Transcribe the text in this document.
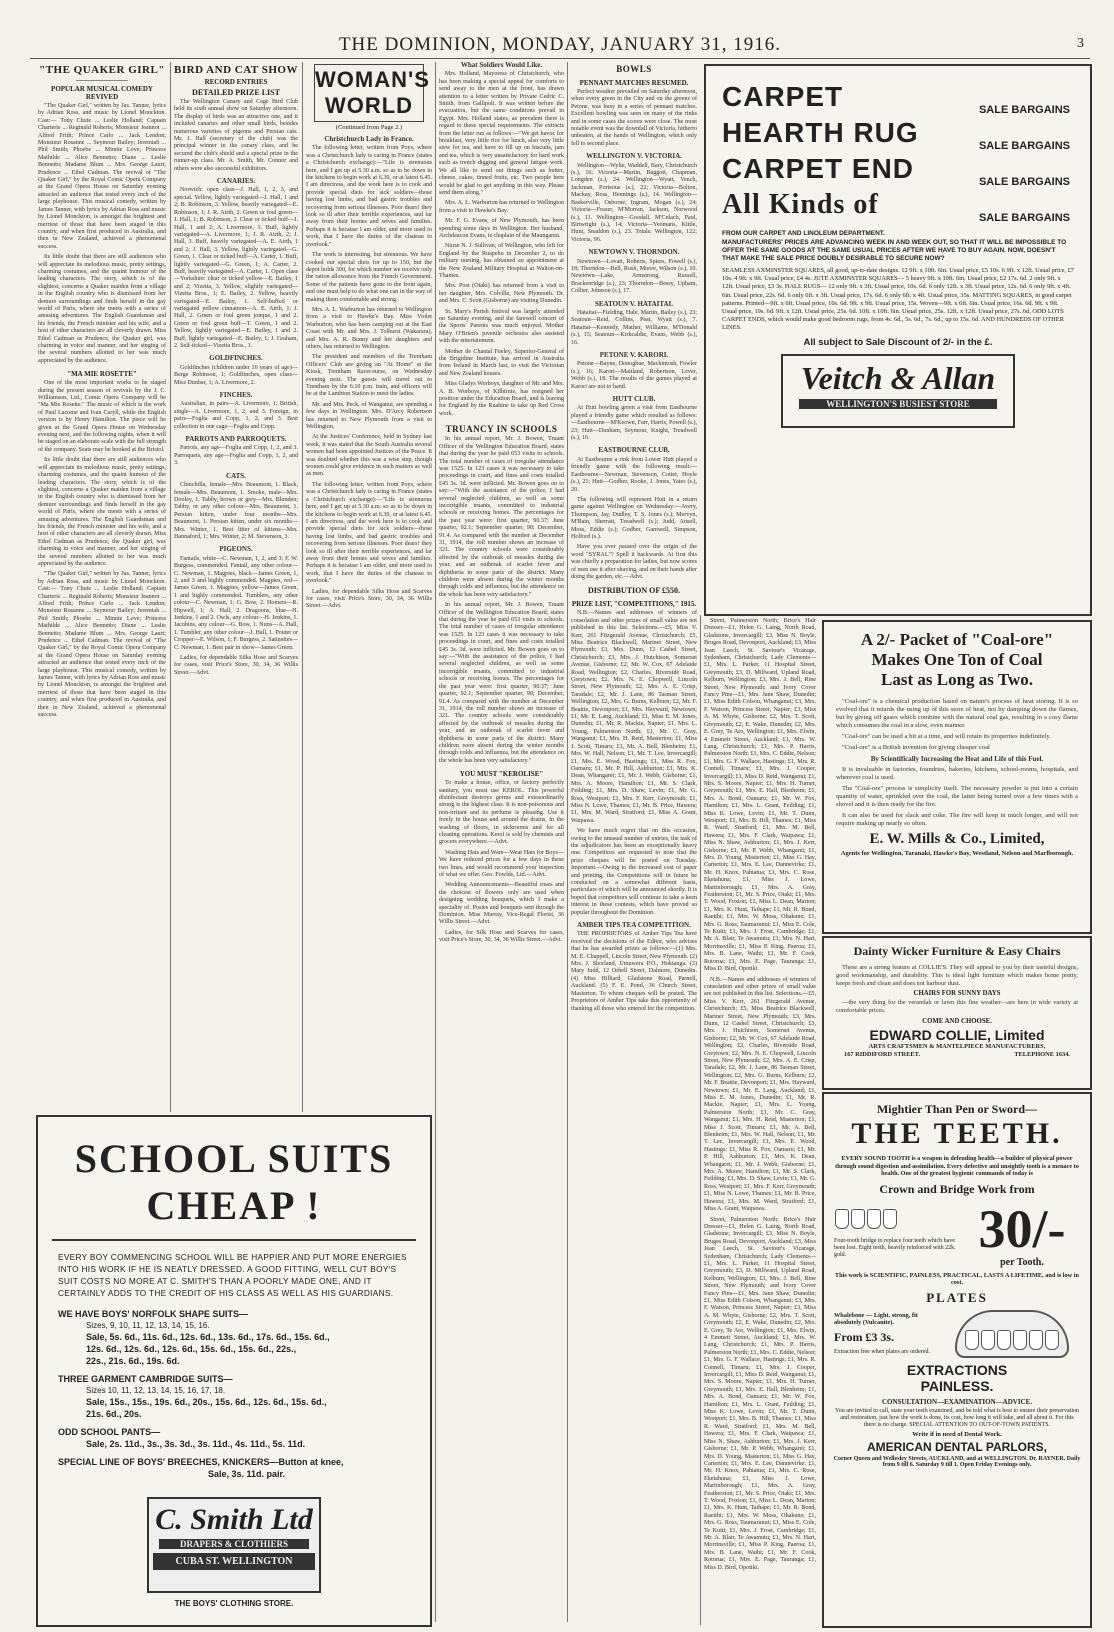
THE DOMINION, MONDAY, JANUARY 31, 1916.	3
"THE QUAKER GIRL"
POPULAR MUSICAL COMEDY REVIVED

"The Quaker Girl," written by Jas. Tanner, lyrics by Adrian Ross, and music by Lionel Monckton. Cast:— Tony Chute ... Leslie Holland; Captain Charteris ... Reginald Roberts; Monsieur Jeannot ... Alfred Frith; Prince Carlo ... Jack Lendon; Monsieur Rosanne ... Seymour Bailey; Jeremiah ... Phil Smith; Phoebe ... Minnie Love; Princess Mathilde ... Alice Bennetto; Diane ... Leslie Bennetto; Madame Blum ... Mrs. George Lauri; Prudence ... Ethel Cadman. The revival of "The Quaker Girl," by the Royal Comic Opera Company at the Grand Opera House on Saturday evening attracted an audience that tested every inch of the large playhouse. This musical comedy, written by James Tanner, with lyrics by Adrian Ross and music by Lionel Monckton, is amongst the brightest and merriest of those that have been staged in this country, and when first produced in Australia, and then in New Zealand, achieved a phenomenal success.

Its little doubt that there are still audiences who will appreciate its melodious music, pretty settings, charming costumes, and the quaint humour of the leading characters. The story, which is of the slightest, concerns a Quaker maiden from a village in the English country who is dismissed from her demure surroundings and finds herself in the gay world of Paris, where she meets with a series of amusing adventures. The English Guardsman and his friends, the French minister and his wife, and a host of other characters are all cleverly drawn. Miss Ethel Cadman as Prudence, the Quaker girl, was charming in voice and manner, and her singing of the several numbers allotted to her was much appreciated by the audience.

"MA MIE ROSETTE"

One of the most important works to be staged during the present season of revivals by the J. C. Williamson, Ltd., Comic Opera Company will be "Ma Mie Rosette." The music of which is the work of Paul Lacome and Ivan Caryll, while the English version is by Henry Hamilton. The piece will be given at the Grand Opera House on Wednesday evening next, and the following nights, when it will be staged on an elaborate scale with the full strength of the company. Seats may be booked at the Bristol.

Its little doubt that there are still audiences who will appreciate its melodious music, pretty settings, charming costumes, and the quaint humour of the leading characters. The story, which is of the slightest, concerns a Quaker maiden from a village in the English country who is dismissed from her demure surroundings and finds herself in the gay world of Paris, where she meets with a series of amusing adventures. The English Guardsman and his friends, the French minister and his wife, and a host of other characters are all cleverly drawn. Miss Ethel Cadman as Prudence, the Quaker girl, was charming in voice and manner, and her singing of the several numbers allotted to her was much appreciated by the audience.

"The Quaker Girl," written by Jas. Tanner, lyrics by Adrian Ross, and music by Lionel Monckton. Cast:— Tony Chute ... Leslie Holland; Captain Charteris ... Reginald Roberts; Monsieur Jeannot ... Alfred Frith; Prince Carlo ... Jack Lendon; Monsieur Rosanne ... Seymour Bailey; Jeremiah ... Phil Smith; Phoebe ... Minnie Love; Princess Mathilde ... Alice Bennetto; Diane ... Leslie Bennetto; Madame Blum ... Mrs. George Lauri; Prudence ... Ethel Cadman. The revival of "The Quaker Girl," by the Royal Comic Opera Company at the Grand Opera House on Saturday evening attracted an audience that tested every inch of the large playhouse. This musical comedy, written by James Tanner, with lyrics by Adrian Ross and music by Lionel Monckton, is amongst the brightest and merriest of those that have been staged in this country, and when first produced in Australia, and then in New Zealand, achieved a phenomenal success.

BIRD AND CAT SHOW
RECORD ENTRIES
DETAILED PRIZE LIST

The Wellington Canary and Cage Bird Club held its sixth annual show on Saturday afternoon. The display of birds was an attractive one, and it included canaries and other small birds, besides numerous varieties of pigeons and Persian cats. Mr. J. Hall (secretary of the club) was the principal winner in the canary class, and he secured the club's shield and a special prize in the runner-up class. Mr. A. Smith, Mr. Connor and others were also successful exhibitors.

CANARIES.

Norwich: open class—J. Hall, 1, 2, 3, and special. Yellow, lightly variegated—J. Hall, 1 and 2; B. Robinson, 3. Yellow, heavily variegated—E. Robinson, 1; J. R. Airth, 2. Green or foul green—J. Hall, 1; B. Robinson, 2. Clear or ticked buff—J. Hall, 1 and 2; A. Livermore, 3. Buff, lightly variegated—A. Livermore, 1; J. R. Airth, 2; J. Hall, 3. Buff, heavily variegated—A. E. Airth, 1 and 2; J. Hall, 3. Yellow, lightly variegated—G. Green, 1. Clear or ticked buff—A. Carter, 1. Buff, lightly variegated—G. Green, 1; A. Carter, 2. Buff, heavily variegated—A. Carter, 1. Open class—Yorkshire: clear or ticked yellow—E. Bailey, 1 and 2; Vizetta, 3. Yellow, slightly variegated—Vizetta Bros., 1; E. Bailey, 2. Yellow, heavily variegated—E. Bailey, 1. Self-buffed or variegated yellow cinnamon—A. E. Airth, 1; J. Hall, 2. Green or foul green jonque, 1 and 2. Green or foul green buff—T. Green, 1 and 2. Yellow, lightly variegated—E. Bailey, 1 and 2. Buff, lightly variegated—E. Bailey, 1; J. Graham, 2. Self-ticked—Vizetta Bros., 1.

GOLDFINCHES.

Goldfinches (children under 16 years of age)—Berge Robinson, 1; Goldfinches, open class—Miss Dunbar, 1; A. Livermore, 2.

FINCHES.

Australian, in pairs—A. Livermore, 1; British, single—A. Livermore, 1, 2, and 3. Foreign, in pairs—Foglia and Copp, 1, 2, and 3. Best collection in one cage—Foglia and Copp.

PARROTS AND PARROQUETS.

Parrots, any age—Foglia and Copp, 1, 2, and 3. Parroquets, any age—Foglia and Copp, 1, 2, and 3.

CATS.

Chinchilla, female—Mrs. Beaumont, 1. Black, female—Mrs. Beaumont, 1. Smoke, male—Mrs. Dooley, 1. Tabby, brown or grey—Mrs. Blunden; Tabby, or any other colour—Mrs. Beaumont, 1. Persian kitten, under four months—Mrs. Beaumont, 1. Persian kitten, under six months—Mrs. Winter, 1. Best litter of kittens—Mrs. Hannaford, 1; Mrs. Winter, 2; M. Stevenson, 3.

PIGEONS.

Fantails, white—C. Newman, 1, 2, and 3; F. W. Burgess, commended. Fantail, any other colour—C. Newman, 1. Magpies, black—James Green, 1, 2, and 3 and highly commended. Magpies, red—James Green, 1. Magpies, yellow—James Green, 1 and highly commended. Tumblers, any other colour—C. Newman, 1; G. Bow, 2. Homers—R. Hipwell, 1; A. Hall, 2. Dragoons, blue—H. Jenkins, 1 and 2. Owls, any colour—H. Jenkins, 1. Jacobins, any colour—G. Bow, 1. Nuns—A. Hall, 1. Tumbler, any other colour—J. Hall, 1. Pouter or Cropper—E. Wilson, 1; F. Burgess, 2. Satinettes—C. Newman, 1. Best pair in show—James Green.

Ladies, for dependable Silks Hose and Scarves for cases, visit Price's Store, 30, 34, 36 Willis Street.—Advt.

WOMAN'S WORLD
(Continued from Page 2.)
Christchurch Lady in France.

The following letter, written from Poys, where was a Christchurch lady is caring in France (states a Christchurch exchange):—"Life is strenuous here, and I get up at 5.30 a.m. so as to be down in the kitchens to begin work at 6.30, or at latest 6.45. I am directress, and the work here is to cook and provide special diets for sick soldiers—those having lost limbs, and bad gastric troubles and recovering from serious illnesses. Poor dears! they look so ill after their terrible experiences, and far away from their homes and wives and families. Perhaps it is because I am older, and more used to work, that I have the duties of the chateau to overlook."

The work is interesting, but strenuous. We have cooked our special diets for up to 150, but the depot holds 300, for which number we receive only the ration allowance from the French Government. Some of the patients have gone to the front again, and one must help to do what one can in the way of making them comfortable and strong.

Mrs. A. L. Warburton has returned to Wellington from a visit to Hawke's Bay. Miss Violet Warburton, who has been camping out at the East Coast with Mr. and Mrs. J. Tolhurst (Wakarara), and Mrs. A. R. Bunny and her daughters and others, has returned to Wellington.

The president and members of the Trentham Officers' Club are giving an "At Home" at the Kiosk, Trentham Racecourse, on Wednesday evening next. The guests will travel out to Trentham by the 6.10 p.m. train, and officers will be at the Lambton Station to meet the ladies.

Mr. and Mrs. Peck, of Wanganui, are spending a few days in Wellington. Mrs. D'Arcy Robertson has returned to New Plymouth from a visit to Wellington.

At the Justices' Conference, held in Sydney last week, it was stated that the South Australia several women had been appointed Justices of the Peace. It was doubted whether this was a wise step, though women could give evidence in such matters as well as men.

The following letter, written from Poys, where was a Christchurch lady is caring in France (states a Christchurch exchange):—"Life is strenuous here, and I get up at 5.30 a.m. so as to be down in the kitchens to begin work at 6.30, or at latest 6.45. I am directress, and the work here is to cook and provide special diets for sick soldiers—those having lost limbs, and bad gastric troubles and recovering from serious illnesses. Poor dears! they look so ill after their terrible experiences, and far away from their homes and wives and families. Perhaps it is because I am older, and more used to work, that I have the duties of the chateau to overlook."

Ladies, for dependable Silks Hose and Scarves for cases, visit Price's Store, 30, 34, 36 Willis Street.—Advt.

What Soldiers Would Like.

Mrs. Holland, Mayoress of Christchurch, who has been making a special appeal for comforts to send away to the men at the front, has drawn attention to a letter written by Private Cedric C. Smith, from Gallipoli. It was written before the evacuation, but the same conditions prevail in Egypt. Mrs. Holland states, as prevalent there is regard to these special requirements. The extracts from the letter run as follows:—"We get havoc for breakfast, very little rice for lunch, also very little stew for tea, and have to fill up on biscuits, jam and tea, which is very unsatisfactory for hard work such as trench digging and general fatigue work. We all like to send out things such as butter, cheese, cakes, tinned fruits, etc. Two people here would be glad to get anything in this way. Please send them along."

Mrs. A. L. Warburton has returned to Wellington from a visit to Hawke's Bay.

Mr. F. G. Evans, of New Plymouth, has been spending some days in Wellington. Her husband, Archdeacon Evans, is chaplain of the Maunganui.

Nurse N. J. Sullivan, of Wellington, who left for England by the Ruapehu in December 2, to do military nursing, has obtained an appointment at the New Zealand Military Hospital at Walton-on-Thames.

Mrs. Post (Otaki) has returned from a visit to her daughter, Mrs. Colville, New Plymouth. Dr. and Mrs. C. Scott (Gisborne) are visiting Dunedin.

St. Mary's Parish festival was largely attended on Saturday evening, and the farewell concert of the Sports' Parents was much enjoyed. Mother Mary O'Brien's juvenile orchestra also assisted with the entertainment.

Mother de Chantal Feeley, Superior-General of the Brigidine Institute, has arrived in Australia from Ireland in March last, to visit the Victorian and New Zealand houses.

Miss Gladys Worboys, daughter of Mr. and Mrs. A. B. Worboys, of Kilbirnie, has resigned her position under the Education Board, and is leaving for England by the Ruahine to take up Red Cross work.

TRUANCY IN SCHOOLS

In his annual report, Mr. J. Bowen, Truant Officer of the Wellington Education Board, states that during the year he paid 653 visits to schools. The total number of cases of irregular attendance was 1525. In 123 cases it was necessary to take proceedings in court, and fines and costs totalled £45 3s. 3d. were inflicted. Mr. Bowen goes on to say:—"With the assistance of the police, I had several neglected children, as well as some incorrigible truants, committed to industrial schools or receiving homes. The percentages for the past year were: first quarter, 90.37; June quarter, 92.1; September quarter, 90; December, 91.4. As compared with the number at December 31, 1914, the roll number shows an increase of 321. The country schools were considerably affected by the outbreak of measles during the year, and an outbreak of scarlet fever and diphtheria in some parts of the district. Many children were absent during the winter months through colds and influenza, but the attendance on the whole has been very satisfactory."

In his annual report, Mr. J. Bowen, Truant Officer of the Wellington Education Board, states that during the year he paid 653 visits to schools. The total number of cases of irregular attendance was 1525. In 123 cases it was necessary to take proceedings in court, and fines and costs totalled £45 3s. 3d. were inflicted. Mr. Bowen goes on to say:—"With the assistance of the police, I had several neglected children, as well as some incorrigible truants, committed to industrial schools or receiving homes. The percentages for the past year were: first quarter, 90.37; June quarter, 92.1; September quarter, 90; December, 91.4. As compared with the number at December 31, 1914, the roll number shows an increase of 321. The country schools were considerably affected by the outbreak of measles during the year, and an outbreak of scarlet fever and diphtheria in some parts of the district. Many children were absent during the winter months through colds and influenza, but the attendance on the whole has been very satisfactory."

YOU MUST "KEROLISE"

To make a house, office, or factory perfectly sanitary, you must use KEROL. This powerful disinfectant destroys germs and extraordinarily strong is the highest class. It is non-poisonous and non-irritant and its perfume is pleasing. Use it freely in the house and around the drains, in the washing of floors, in sickrooms and for all cleaning operations. Kerol is sold by chemists and grocers everywhere.—Advt.

Washing Hats and Ware—Wear Hats for Boys—We have reduced prices for a few days in these two lines, and would recommend your inspection of what we offer. Geo. Fowlds, Ltd.—Advt.

Wedding Announcements—Beautiful roses and the choicest of flowers only are used when designing wedding bouquets, which I make a speciality of. Posies and bouquets sent through the Dominion. Miss Murray, Vice-Regal Florist, 36 Willis Street.—Advt.

Ladies, for Silk Hose and Scarves for cases, visit Price's Store, 30, 34, 36 Willis Street.—Advt.

BOWLS
PENNANT MATCHES RESUMED.

Perfect weather prevailed on Saturday afternoon, when every green in the City and on the greens of Petone, was busy in a series of pennant matches. Excellent bowling was seen on many of the rinks and in some cases the scores were close. The most notable event was the downfall of Victoria, hitherto unbeaten, at the hands of Wellington, which only fell to second place.

WELLINGTON V. VICTORIA.

Wellington—Wylie, Waddell, Bary, Christchurch (s.), 16; Victoria—Martin, Baggott, Chapman, Longden (s.), 24. Wellington—Wyatt, Vench, Jackman, Porteous (s.), 22; Victoria—Bolton, Mackay, Ross, Hennings (s.), 14. Wellington—Baskerville, Osborne, Ingram, Mogan (s.), 24; Victoria—Frazer, M'Morran, Jackson, Norwood (s.), 11. Wellington—Goodall, M'Cnlach, Paul, Birtwright (s.), 14; Victoria—Yeomans, Kittle, Hunt, Snaddon (s.), 23. Totals: Wellington, 122; Victoria, 96.

NEWTOWN V. THORNDON.

Newtown—Lovatt, Roberts, Spiers, Powell (s.), 18; Thorndon—Bell, Rush, Moore, Wilson (s.), 10. Newtown—Lake, Armstrong, Russell, Brackenridge (s.), 23; Thorndon—Bessy, Upham, Collier, Johnson (s.), 17.

SEATOUN V. HATAITAI.

Hataitai—Fielding, Hale, Martin, Bailey (s.), 23; Seatoun—Reid, Collins, Peat, Wyatt (s.), 7. Hataitai—Kennedy, Mather, Williams, M'Donald (s.), 15; Seatoun—Kirkcaldie, Evans, Webb (s.), 16.

PETONE V. KARORI.

Petone—Bayne, Donoghue, Mackintosh, Fowler (s.), 16; Karori—Maitland, Robertson, Lever, Webb (s.), 18. The results of the games played at Karori are not to hand.

HUTT CLUB.

At Hutt bowling green a visit from Eastbourne played a friendly game which resulted as follows:—Eastbourne—M'Keown, Farr, Harris, Powell (s.), 23; Hutt—Dunham, Seymour, Knight, Treadwell (s.), 16.

EASTBOURNE CLUB.

At Eastbourne a rink from Lower Hutt played a friendly game with the following result:—Eastbourne—Newman, Stevenson, Cotter, Hoyle (s.), 21; Hutt—Godber, Rooke, J. Jones, Yates (s.), 20.

The following will represent Hutt in a return game against Wellington on Wednesday:—Avery, Thompson, Jay, Dudley, T. S. Jones (s.); Mervyn, M'Bain, Sherratt, Treadwell (s.); Judd, Ansell, Moss, Eddie (s.); Godber, Gamwell, Simpson, Holford (s.).

Have you ever paused over the origin of the word "SYRAL"? Spell it backwards. At first this was chiefly a preparation for ladies, but now scores of men use it after shaving, and on their hands after doing the garden, etc.—Advt.

DISTRIBUTION OF £550.
PRIZE LIST, "COMPETITIONS," 1915.

N.B.—Names and addresses of winners of consolation and other prizes of small value are not published in this list. Selections.—£5, Miss V. Kerr, 261 Fitzgerald Avenue, Christchurch; £5, Miss Beatrice Blackwell, Mariner Street, New Plymouth; £3, Mrs. Dunn, 12 Cashel Street, Christchurch; £3, Mrs. J. Hutchison, Somerset Avenue, Gisborne; £2, Mr. W. Cox, 67 Adelaide Road, Wellington; £2, Charles, Riverside Road, Greytown; £2, Mrs. N. E. Chopwell, Lincoln Street, New Plymouth; £2, Mrs. A. E. Crisp, Taradale; £2, Mr. J. Lane, 86 Tasman Street, Wellington; £2, Mrs. G. Burns, Kelburn; £2, Mr. F. Beattie, Devonport; £1, Mrs. Hayward, Newtown; £1, Mr. E. Lang, Auckland; £1, Miss E. M. Jones, Dunedin; £1, Mr. R. Mackie, Napier; £1, Mrs. L. Young, Palmerston North; £1, Mr. C. Gray, Wanganui; £1, Mrs. H. Reid, Masterton; £1, Miss J. Scott, Timaru; £1, Mr. A. Bell, Blenheim; £1, Mrs. W. Hall, Nelson; £1, Mr. T. Lee, Invercargill; £1, Mrs. E. Wood, Hastings; £1, Miss R. Fox, Oamaru; £1, Mr. P. Hill, Ashburton; £1, Mrs. K. Dean, Whangarei; £1, Mr. J. Webb, Gisborne; £1, Mrs. A. Moore, Hamilton; £1, Mr. S. Clark, Feilding; £1, Mrs. D. Shaw, Levin; £1, Mr. G. Ross, Westport; £1, Mrs. F. Kerr, Greymouth; £1, Miss N. Lowe, Thames; £1, Mr. B. Price, Hawera; £1, Mrs. M. Ward, Stratford; £1, Miss A. Grant, Waipawa.

We have much regret that on this occasion, owing to the unusual number of entries, the task of the adjudicators has been an exceptionally heavy one. Competitors are requested to note that the prize cheques will be posted on Tuesday. Important.—Owing to the increased cost of paper and printing, the Competitions will in future be conducted on a somewhat different basis, particulars of which will be announced shortly. It is hoped that competitors will continue to take a keen interest in these contests, which have proved so popular throughout the Dominion.

AMBER TIPS TEA COMPETITION.

THE PROPRIETORS of Amber Tips Tea have received the decisions of the Editor, who advises that he has awarded prizes as follows:—(1) Mrs. M. E. Chappell, Lincoln Street, New Plymouth. (2) Mrs. J. Shorland, Umuwera P.O., Hokianga. (3) Mary Judd, 12 Orbell Street, Dalmore, Dunedin. (4) Miss Hilliard, Gladstone Road, Parnell, Auckland. (5) F. E. Pond, 36 Church Street, Masterton. To whom cheques will be posted. The Proprietors of Amber Tips take this opportunity of thanking all those who entered for the competition.

Street, Palmerston North; Brice's Hair Dresser—£1, Helen G. Laing, North Road, Gladstone, Invercargill; £3, Miss N. Boyle, Bruges Road, Devonport, Auckland; £3, Miss Jean Leech, St. Saviour's Vicarage, Sydenham, Christchurch; Lady Clements—£1, Mrs. L. Parker, 11 Hospital Street, Greymouth; £3, D. Millward, Upland Road, Kelburn, Wellington; £3, Mrs. J. Bell, Rine Street, New Plymouth; and Ivory Cover Fancy Pins—£1, Mrs. Jane Shaw, Dunedin; £1, Miss Edith Colson, Whanganui; £3, Mrs. F. Watson, Princess Street, Napier; £3, Miss A. M. Whyte, Gisborne; £2, Mrs. T. Scott, Greymouth; £2, E. Wake, Dunedin; £2, Mrs. E. Grey, Te Aro, Wellington; £1, Mrs. Elwin, 4 Emmett Street, Auckland; £1, Mrs. W. Lang, Christchurch; £1, Mrs. P. Harris, Palmerston North; £1, Mrs. C. Eddie, Nelson; £1, Mrs. G. F. Wallace, Hastings; £1, Mrs. R. Connell, Timaru; £1, Mrs. J. Cooper, Invercargill; £1, Miss D. Reid, Wanganui; £1, Mrs. S. Moore, Napier; £1, Mrs. H. Turner, Greymouth; £1, Mrs. E. Hall, Blenheim; £1, Mrs. A. Bond, Oamaru; £1, Mr. W. Fox, Hamilton; £1, Mrs. L. Grant, Feilding; £1, Miss K. Lowe, Levin; £1, Mr. T. Dunn, Westport; £1, Mrs. B. Hill, Thames; £1, Miss R. Ward, Stratford; £1, Mrs. M. Bell, Hawera; £1, Mrs. F. Clark, Waipawa; £1, Miss N. Shaw, Ashburton; £1, Mrs. J. Kerr, Gisborne; £1, Mr. P. Webb, Whangarei; £1, Mrs. D. Young, Masterton; £1, Miss G. Hay, Carterton; £1, Mrs. E. Lee, Dannevirke; £1, Mr. H. Knox, Pahiatua; £1, Mrs. C. Rose, Eketahuna; £1, Miss J. Lowe, Martinborough; £1, Mrs. A. Gray, Featherston; £1, Mr. S. Price, Otaki; £1, Mrs. T. Wood, Foxton; £1, Miss L. Dean, Marton; £1, Mrs. K. Hunt, Taihape; £1, Mr. R. Bond, Raetihi; £1, Mrs. W. Moss, Ohakune; £1, Mrs. G. Ross, Taumarunui; £1, Miss E. Cole, Te Kuiti; £1, Mrs. J. Frost, Cambridge; £1, Mr. A. Blair, Te Awamutu; £1, Mrs. N. Hart, Morrinsville; £1, Miss P. King, Paeroa; £1, Mrs. B. Lane, Waihi; £1, Mr. F. Cook, Rotorua; £1, Mrs. E. Page, Tauranga; £1, Miss D. Bird, Opotiki.

N.B.—Names and addresses of winners of consolation and other prizes of small value are not published in this list. Selections.—£5, Miss V. Kerr, 261 Fitzgerald Avenue, Christchurch; £5, Miss Beatrice Blackwell, Mariner Street, New Plymouth; £3, Mrs. Dunn, 12 Cashel Street, Christchurch; £3, Mrs. J. Hutchison, Somerset Avenue, Gisborne; £2, Mr. W. Cox, 67 Adelaide Road, Wellington; £2, Charles, Riverside Road, Greytown; £2, Mrs. N. E. Chopwell, Lincoln Street, New Plymouth; £2, Mrs. A. E. Crisp, Taradale; £2, Mr. J. Lane, 86 Tasman Street, Wellington; £2, Mrs. G. Burns, Kelburn; £2, Mr. F. Beattie, Devonport; £1, Mrs. Hayward, Newtown; £1, Mr. E. Lang, Auckland; £1, Miss E. M. Jones, Dunedin; £1, Mr. R. Mackie, Napier; £1, Mrs. L. Young, Palmerston North; £1, Mr. C. Gray, Wanganui; £1, Mrs. H. Reid, Masterton; £1, Miss J. Scott, Timaru; £1, Mr. A. Bell, Blenheim; £1, Mrs. W. Hall, Nelson; £1, Mr. T. Lee, Invercargill; £1, Mrs. E. Wood, Hastings; £1, Miss R. Fox, Oamaru; £1, Mr. P. Hill, Ashburton; £1, Mrs. K. Dean, Whangarei; £1, Mr. J. Webb, Gisborne; £1, Mrs. A. Moore, Hamilton; £1, Mr. S. Clark, Feilding; £1, Mrs. D. Shaw, Levin; £1, Mr. G. Ross, Westport; £1, Mrs. F. Kerr, Greymouth; £1, Miss N. Lowe, Thames; £1, Mr. B. Price, Hawera; £1, Mrs. M. Ward, Stratford; £1, Miss A. Grant, Waipawa.

Street, Palmerston North; Brice's Hair Dresser—£1, Helen G. Laing, North Road, Gladstone, Invercargill; £3, Miss N. Boyle, Bruges Road, Devonport, Auckland; £3, Miss Jean Leech, St. Saviour's Vicarage, Sydenham, Christchurch; Lady Clements—£1, Mrs. L. Parker, 11 Hospital Street, Greymouth; £3, D. Millward, Upland Road, Kelburn, Wellington; £3, Mrs. J. Bell, Rine Street, New Plymouth; and Ivory Cover Fancy Pins—£1, Mrs. Jane Shaw, Dunedin; £1, Miss Edith Colson, Whanganui; £3, Mrs. F. Watson, Princess Street, Napier; £3, Miss A. M. Whyte, Gisborne; £2, Mrs. T. Scott, Greymouth; £2, E. Wake, Dunedin; £2, Mrs. E. Grey, Te Aro, Wellington; £1, Mrs. Elwin, 4 Emmett Street, Auckland; £1, Mrs. W. Lang, Christchurch; £1, Mrs. P. Harris, Palmerston North; £1, Mrs. C. Eddie, Nelson; £1, Mrs. G. F. Wallace, Hastings; £1, Mrs. R. Connell, Timaru; £1, Mrs. J. Cooper, Invercargill; £1, Miss D. Reid, Wanganui; £1, Mrs. S. Moore, Napier; £1, Mrs. H. Turner, Greymouth; £1, Mrs. E. Hall, Blenheim; £1, Mrs. A. Bond, Oamaru; £1, Mr. W. Fox, Hamilton; £1, Mrs. L. Grant, Feilding; £1, Miss K. Lowe, Levin; £1, Mr. T. Dunn, Westport; £1, Mrs. B. Hill, Thames; £1, Miss R. Ward, Stratford; £1, Mrs. M. Bell, Hawera; £1, Mrs. F. Clark, Waipawa; £1, Miss N. Shaw, Ashburton; £1, Mrs. J. Kerr, Gisborne; £1, Mr. P. Webb, Whangarei; £1, Mrs. D. Young, Masterton; £1, Miss G. Hay, Carterton; £1, Mrs. E. Lee, Dannevirke; £1, Mr. H. Knox, Pahiatua; £1, Mrs. C. Rose, Eketahuna; £1, Miss J. Lowe, Martinborough; £1, Mrs. A. Gray, Featherston; £1, Mr. S. Price, Otaki; £1, Mrs. T. Wood, Foxton; £1, Miss L. Dean, Marton; £1, Mrs. K. Hunt, Taihape; £1, Mr. R. Bond, Raetihi; £1, Mrs. W. Moss, Ohakune; £1, Mrs. G. Ross, Taumarunui; £1, Miss E. Cole, Te Kuiti; £1, Mrs. J. Frost, Cambridge; £1, Mr. A. Blair, Te Awamutu; £1, Mrs. N. Hart, Morrinsville; £1, Miss P. King, Paeroa; £1, Mrs. B. Lane, Waihi; £1, Mr. F. Cook, Rotorua; £1, Mrs. E. Page, Tauranga; £1, Miss D. Bird, Opotiki.

SCHOOL SUITS CHEAP !
EVERY BOY COMMENCING SCHOOL WILL BE HAPPIER AND PUT MORE ENERGIES INTO HIS WORK IF HE IS NEATLY DRESSED. A GOOD FITTING, WELL CUT BOY'S SUIT COSTS NO MORE AT C. SMITH'S THAN A POORLY MADE ONE, AND IT CERTAINLY ADDS TO THE CREDIT OF HIS CLASS AS WELL AS HIS GUARDIANS.
WE HAVE BOYS' NORFOLK SHAPE SUITS—
Sizes, 9, 10, 11, 12, 13, 14, 15, 16.
Sale, 5s. 6d., 11s. 6d., 12s. 6d., 13s. 6d., 17s. 6d., 15s. 6d.,
12s. 6d., 12s. 6d., 12s. 6d., 15s. 6d., 15s. 6d., 22s.,
22s., 21s. 6d., 19s. 6d.
THREE GARMENT CAMBRIDGE SUITS—
Sizes 10, 11, 12, 13, 14, 15, 16, 17, 18.
Sale, 15s., 15s., 19s. 6d., 20s., 15s. 6d., 12s. 6d., 15s. 6d.,
21s. 6d., 20s.
ODD SCHOOL PANTS—
Sale, 2s. 11d., 3s., 3s. 3d., 3s. 11d., 4s. 11d., 5s. 11d.
SPECIAL LINE OF BOYS' BREECHES, KNICKERS—Button at knee,
Sale, 3s. 11d. pair.
C. Smith Ltd
DRAPERS & CLOTHIERS
CUBA ST. WELLINGTON
THE BOYS' CLOTHING STORE.
CARPET	SALE BARGAINS
HEARTH RUG	SALE BARGAINS
CARPET END	SALE BARGAINS
All Kinds of	SALE BARGAINS
FROM OUR CARPET AND LINOLEUM DEPARTMENT.
MANUFACTURERS' PRICES ARE ADVANCING WEEK IN AND WEEK OUT, SO THAT IT WILL BE IMPOSSIBLE TO OFFER THE SAME GOODS AT THE SAME USUAL PRICES AFTER WE HAVE TO BUY AGAIN. NOW, DOESN'T THAT MAKE THE SALE PRICE DOUBLY DESIRABLE TO SECURE NOW?
SEAMLESS AXMINSTER SQUARES, all good, up-to-date designs. 12 9ft. x 10ft. 6in. Usual price, £5 10s. 6 9ft. x 12ft. Usual price, £7 10s. 4 9ft. x 9ft. Usual price, £4 4s. JUTE AXMINSTER SQUARES— 5 heavy 9ft. x 10ft. 6in. Usual price, £2 17s. 6d. 2 only 9ft. x 12ft. Usual price, £3 3s. HALL RUGS— 12 only 9ft. x 3ft. Usual price, 10s. 6d. 6 only 12ft. x 3ft. Usual price, 12s. 6d. 6 only 9ft. x 4ft. 6in. Usual price, 22s. 6d. 6 only 6ft. x 3ft. Usual price, 17s. 6d. 6 only 6ft. x 4ft. Usual price, 35s. MATTING SQUARES, in good carpet patterns. Printed—9ft. x 6ft. Usual price, 10s. 6d. 9ft. x 9ft. Usual price, 15s. Woven—9ft. x 6ft. 6in. Usual price, 16s. 6d. 9ft. x 9ft. Usual price, 19s. 6d. 9ft. x 12ft. Usual price, 25s. 6d. 10ft. x 10ft. 6in. Usual price, 25s. 12ft. x 12ft. Usual price, 27s. 6d. ODD LOTS CARPET ENDS, which would make good bedroom rugs, from 4s. 6d., 5s. 6d., 7s. 6d., up to 15s. 6d. AND HUNDREDS OF OTHER LINES.
All subject to Sale Discount of 2/- in the £.
Veitch & Allan
WELLINGTON'S BUSIEST STORE
A 2/- Packet of "Coal-ore"
Makes One Ton of Coal
Last as Long as Two.

"Coal-ore" is a chemical production based on nature's process of heat storing. It is so evolved that it retards the using up of this store of heat, not by damping down the flames, but by giving off gases which combine with the natural coal gas, resulting in a cosy flame which consumes the coal in a slow, even manner.

"Coal-ore" can be used a bit at a time, and will retain its properties indefinitely.

"Coal-ore" is a British invention for giving cheaper coal

By Scientifically Increasing the Heat and Life of this Fuel.

It is invaluable in factories, foundries, bakeries, kitchens, school-rooms, hospitals, and wherever coal is used.

The "Coal-ore" process is simplicity itself. The necessary powder is put into a certain quantity of water, sprinkled over the coal, the latter being turned over a few times with a shovel and it is then ready for the fire.

It can also be used for slack and coke. The fire will keep in much longer, and will not require making up nearly so often.

E. W. Mills & Co., Limited,
Agents for Wellington, Taranaki, Hawke's Bay, Westland, Nelson and Marlborough.
Dainty Wicker Furniture & Easy Chairs

These are a strong feature at COLLIE'S. They will appeal to you by their tasteful designs, good workmanship, and durability. This is ideal light furniture which makes home pretty, keeps fresh and clean and does not harbour dust.

CHAIRS FOR SUNNY DAYS

—the very thing for the verandah or lawn this fine weather—are here in wide variety at comfortable prices.

COME AND CHOOSE.
EDWARD COLLIE, Limited
ARTS CRAFTSMEN & MANTELPIECE MANUFACTURERS,
167 RIDDIFORD STREET.	TELEPHONE 1634.
Mightier Than Pen or Sword—
THE TEETH.
EVERY SOUND TOOTH is a weapon in defending health—a builder of physical power through sound digestion and assimilation. Every defective and unsightly tooth is a menace to health. One of the greatest hygienic commands of today is
Crown and Bridge Work from
Four-tooth bridge to replace four teeth which have been lost. Eight teeth, heavily reinforced with 22k. gold.	30/-
per Tooth.
This work is SCIENTIFIC, PAINLESS, PRACTICAL, LASTS A LIFETIME, and is low in cost.
PLATES
Whalebone — Light, strong, fit absolutely (Vulcanite).
From £3 3s.
Extraction free when plates are ordered.
EXTRACTIONS
PAINLESS.
CONSULTATION—EXAMINATION—ADVICE.
You are invited to call, state your teeth examined, and be told what is best to ensure their preservation and restoration, just how the work is done, its cost, how long it will take, and all about it. For this there is no charge. SPECIAL ATTENTION TO OUT-OF-TOWN PATIENTS.
Write if in need of Dental Work.
AMERICAN DENTAL PARLORS,
Corner Queen and Wellesley Streets, AUCKLAND, and at WELLINGTON. Dr. RAYNER, Daily from 9 till 6. Saturday 9 till 1. Open Friday Evenings only.
